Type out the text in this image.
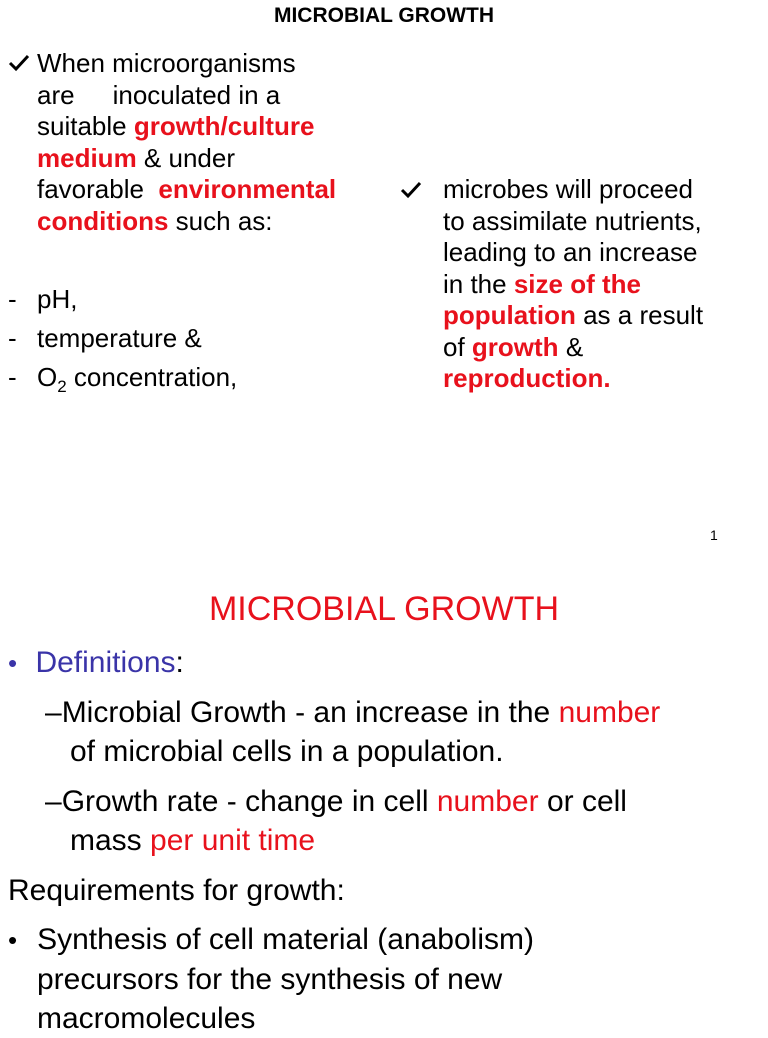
MICROBIAL GROWTH
When microorganisms
are inoculated in a
suitable growth/culture
medium & under
favorable environmental
conditions such as:
- pH,
- temperature &
- $O_2$ concentration,
microbes will proceed
to assimilate nutrients,
leading to an increase
in the size of the
population as a result
of growth &
reproduction.
1
MICROBIAL GROWTH
• Definitions:
–Microbial Growth - an increase in the number
of microbial cells in a population.
–Growth rate - change in cell number or cell
mass per unit time
Requirements for growth:
• Synthesis of cell material (anabolism)
precursors for the synthesis of new
macromolecules
